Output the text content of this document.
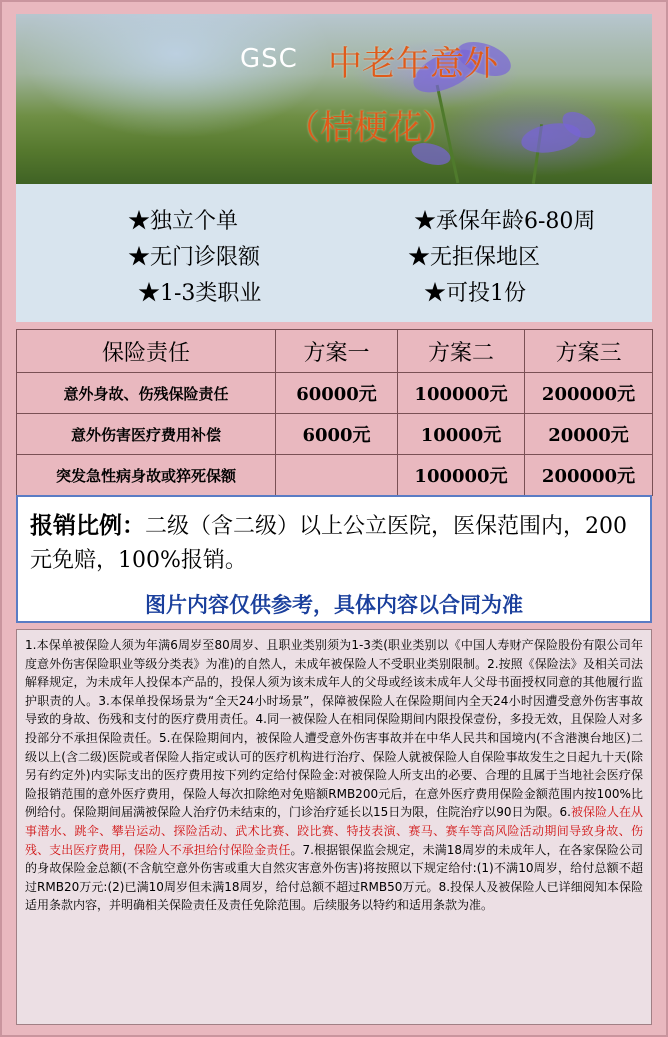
GSC 中老年意外
（桔梗花）
★独立个单	★承保年龄6-80周
★无门诊限额	★无拒保地区
★1-3类职业	★可投1份
保险责任	方案一	方案二	方案三
意外身故、伤残保险责任	60000元	100000元	200000元
意外伤害医疗费用补偿	6000元	10000元	20000元
突发急性病身故或猝死保额		100000元	200000元
报销比例：二级（含二级）以上公立医院，医保范围内，200元免赔，100%报销。
图片内容仅供参考，具体内容以合同为准
1.本保单被保险人须为年满6周岁至80周岁、且职业类别须为1-3类(职业类别以《中国人寿财产保险股份有限公司年度意外伤害保险职业等级分类表》为准)的自然人，未成年被保险人不受职业类别限制。2.按照《保险法》及相关司法解释规定，为未成年人投保本产品的，投保人须为该未成年人的父母或经该未成年人父母书面授权同意的其他履行监护职责的人。3.本保单投保场景为“全天24小时场景”，保障被保险人在保险期间内全天24小时因遭受意外伤害事故导致的身故、伤残和支付的医疗费用责任。4.同一被保险人在相同保险期间内限投保壹份，多投无效，且保险人对多投部分不承担保险责任。5.在保险期间内，被保险人遭受意外伤害事故并在中华人民共和国境内(不含港澳台地区)二级以上(含二级)医院或者保险人指定或认可的医疗机构进行治疗、保险人就被保险人自保险事故发生之日起九十天(除另有约定外)内实际支出的医疗费用按下列约定给付保险金:对被保险人所支出的必要、合理的且属于当地社会医疗保险报销范围的意外医疗费用，保险人每次扣除绝对免赔额RMB200元后，在意外医疗费用保险金额范围内按100%比例给付。保险期间届满被保险人治疗仍未结束的，门诊治疗延长以15日为限，住院治疗以90日为限。6.被保险人在从事潜水、跳伞、攀岩运动、探险活动、武术比赛、跤比赛、特技表演、赛马、赛车等高风险活动期间导致身故、伤残、支出医疗费用，保险人不承担给付保险金责任。7.根据银保监会规定，未满18周岁的未成年人，在各家保险公司的身故保险金总额(不含航空意外伤害或重大自然灾害意外伤害)将按照以下规定给付:(1)不满10周岁，给付总额不超过RMB20万元:(2)已满10周岁但未满18周岁，给付总额不超过RMB50万元。8.投保人及被保险人已详细阅知本保险适用条款内容，并明确相关保险责任及责任免除范围。后续服务以特约和适用条款为准。
